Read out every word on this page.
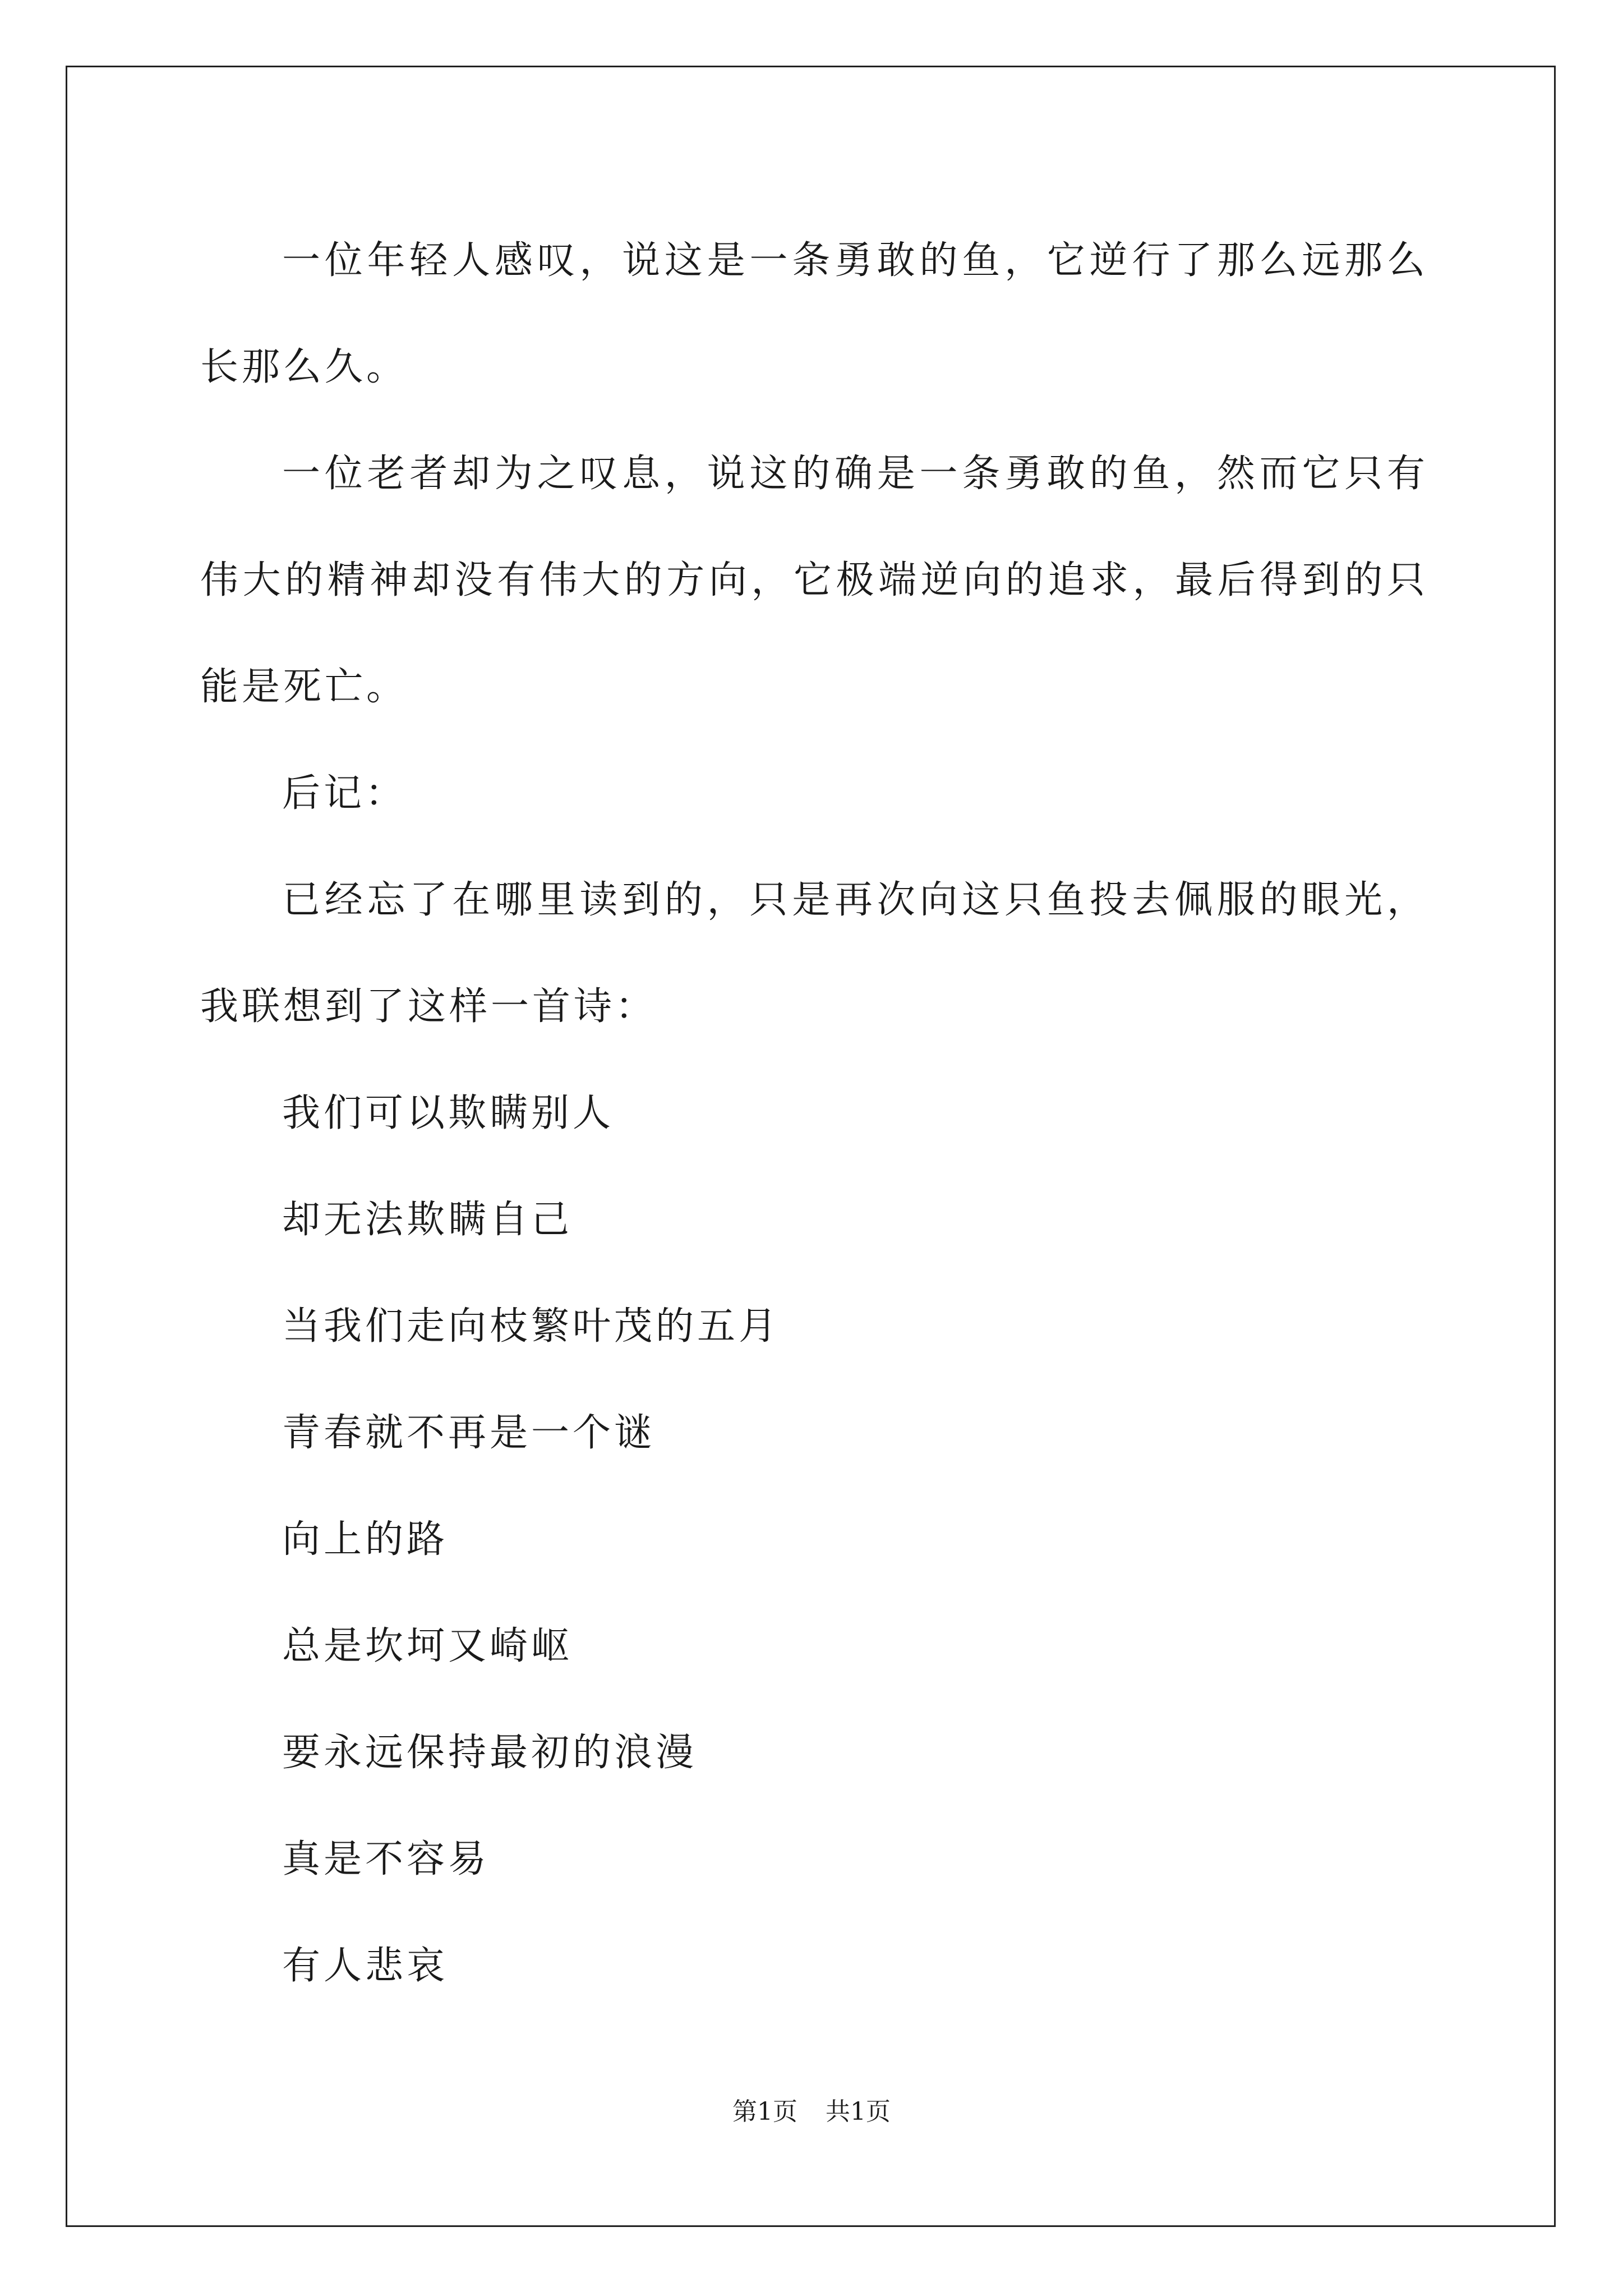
一位年轻人感叹，说这是一条勇敢的鱼，它逆行了那么远那么长那么久。

一位老者却为之叹息，说这的确是一条勇敢的鱼，然而它只有伟大的精神却没有伟大的方向，它极端逆向的追求，最后得到的只能是死亡。

后记：

已经忘了在哪里读到的，只是再次向这只鱼投去佩服的眼光，我联想到了这样一首诗：

我们可以欺瞒别人

却无法欺瞒自己

当我们走向枝繁叶茂的五月

青春就不再是一个谜

向上的路

总是坎坷又崎岖

要永远保持最初的浪漫

真是不容易

有人悲哀

第1页 共1页
